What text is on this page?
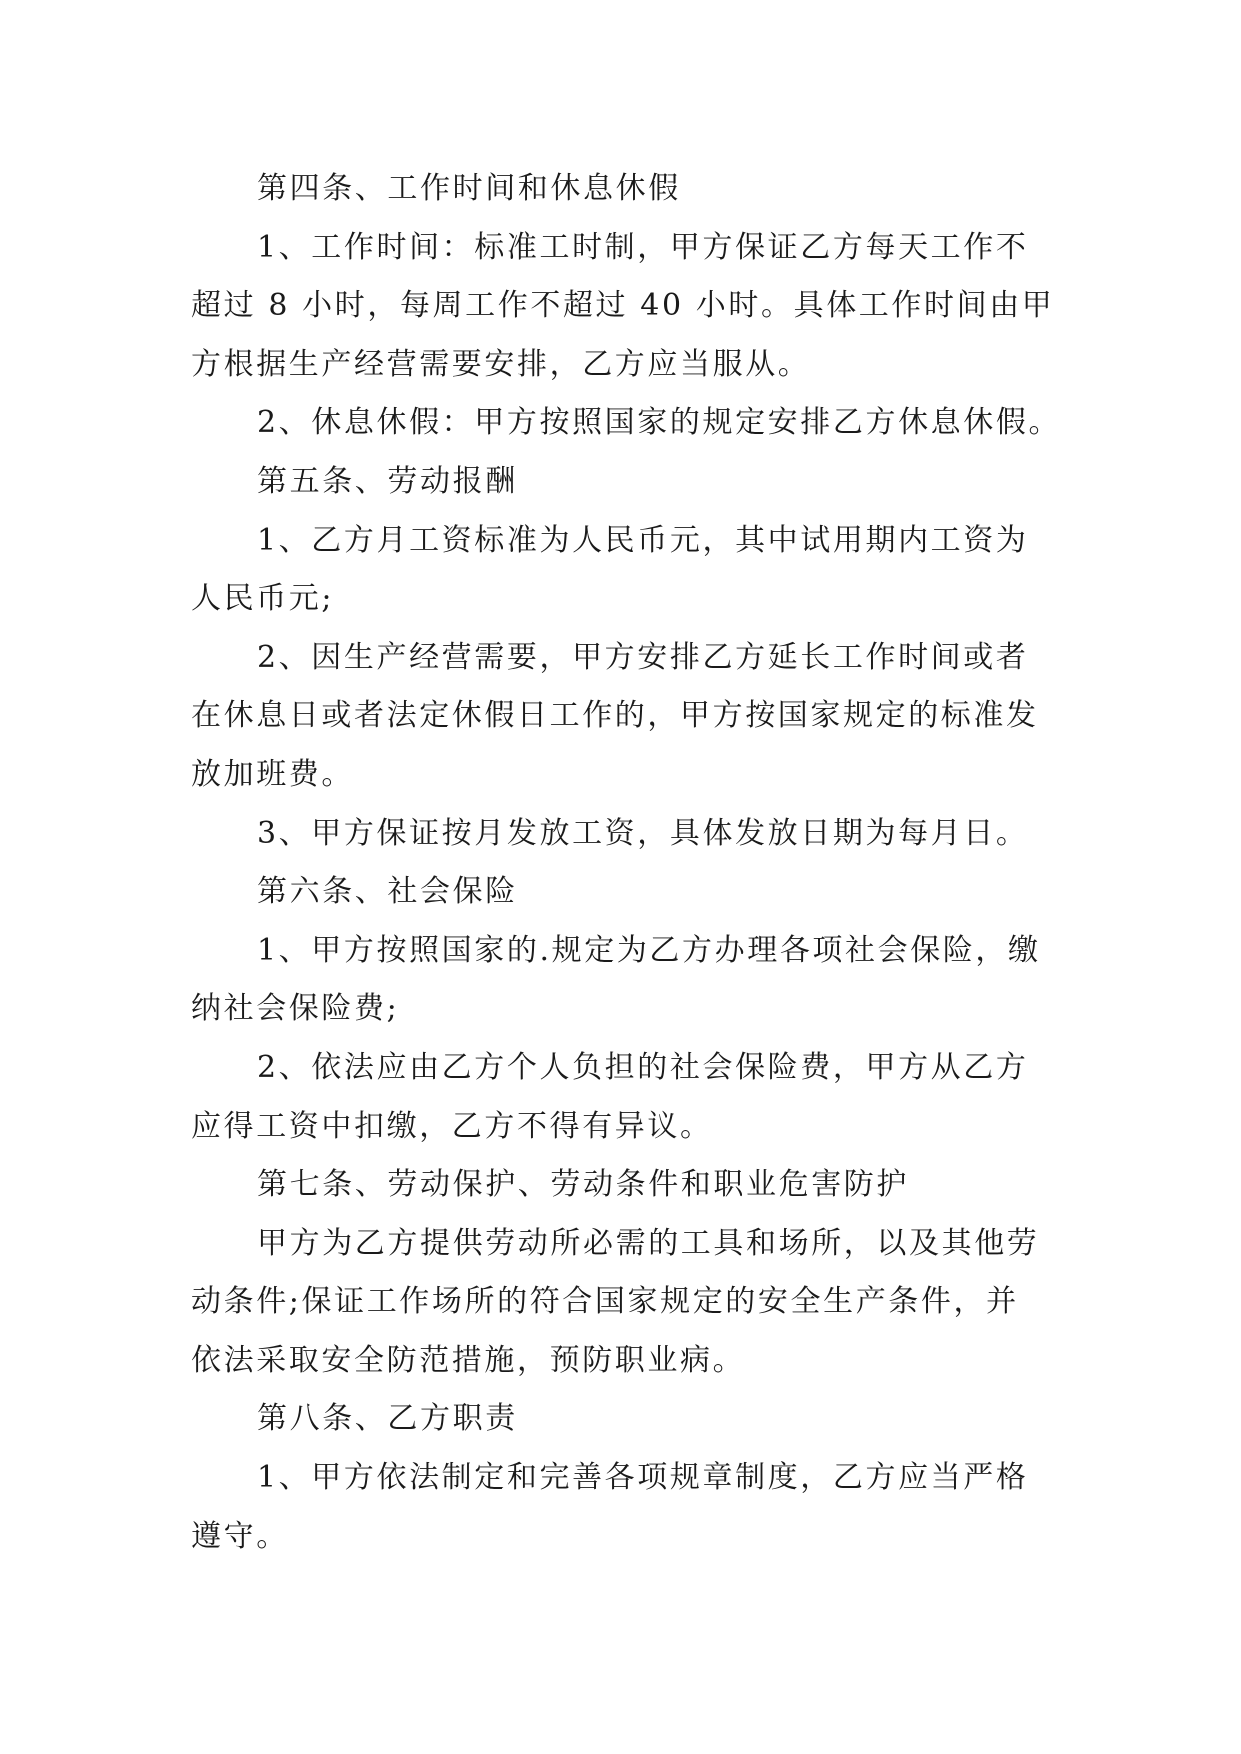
第四条、工作时间和休息休假
1、工作时间：标准工时制，甲方保证乙方每天工作不
超过 8 小时，每周工作不超过 40 小时。具体工作时间由甲
方根据生产经营需要安排，乙方应当服从。
2、休息休假：甲方按照国家的规定安排乙方休息休假。
第五条、劳动报酬
1、乙方月工资标准为人民币元，其中试用期内工资为
人民币元;
2、因生产经营需要，甲方安排乙方延长工作时间或者
在休息日或者法定休假日工作的，甲方按国家规定的标准发
放加班费。
3、甲方保证按月发放工资，具体发放日期为每月日。
第六条、社会保险
1、甲方按照国家的.规定为乙方办理各项社会保险，缴
纳社会保险费;
2、依法应由乙方个人负担的社会保险费，甲方从乙方
应得工资中扣缴，乙方不得有异议。
第七条、劳动保护、劳动条件和职业危害防护
甲方为乙方提供劳动所必需的工具和场所，以及其他劳
动条件;保证工作场所的符合国家规定的安全生产条件，并
依法采取安全防范措施，预防职业病。
第八条、乙方职责
1、甲方依法制定和完善各项规章制度，乙方应当严格
遵守。
